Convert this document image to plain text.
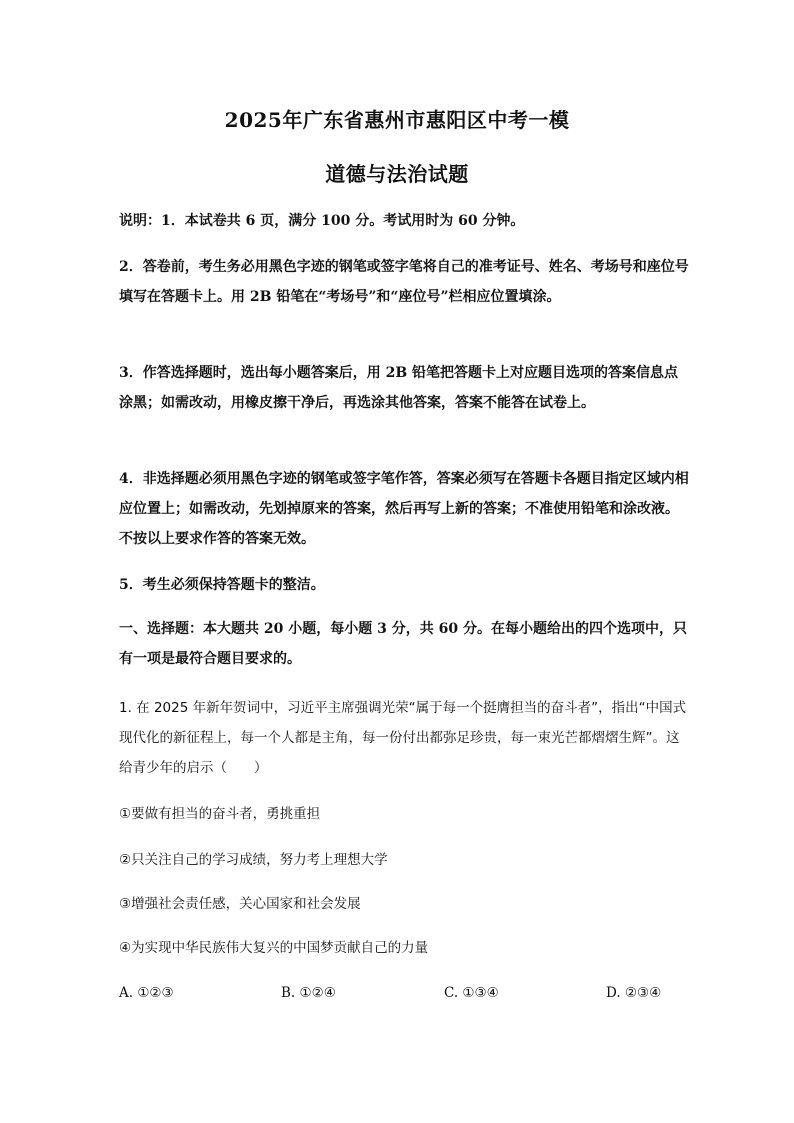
2025年广东省惠州市惠阳区中考一模
道德与法治试题
说明：1．本试卷共 6 页，满分 100 分。考试用时为 60 分钟。
2．答卷前，考生务必用黑色字迹的钢笔或签字笔将自己的准考证号、姓名、考场号和座位号填写在答题卡上。用 2B 铅笔在“考场号”和“座位号”栏相应位置填涂。
3．作答选择题时，选出每小题答案后，用 2B 铅笔把答题卡上对应题目选项的答案信息点涂黑；如需改动，用橡皮擦干净后，再选涂其他答案，答案不能答在试卷上。
4．非选择题必须用黑色字迹的钢笔或签字笔作答，答案必须写在答题卡各题目指定区域内相应位置上；如需改动，先划掉原来的答案，然后再写上新的答案；不准使用铅笔和涂改液。不按以上要求作答的答案无效。
5．考生必须保持答题卡的整洁。
一、选择题：本大题共 20 小题，每小题 3 分，共 60 分。在每小题给出的四个选项中，只有一项是最符合题目要求的。
1. 在 2025 年新年贺词中，习近平主席强调光荣“属于每一个挺膺担当的奋斗者”，指出“中国式现代化的新征程上，每一个人都是主角，每一份付出都弥足珍贵，每一束光芒都熠熠生辉”。这给青少年的启示（　　）
①要做有担当的奋斗者，勇挑重担
②只关注自己的学习成绩，努力考上理想大学
③增强社会责任感，关心国家和社会发展
④为实现中华民族伟大复兴的中国梦贡献自己的力量
A. ①②③	B. ①②④	C. ①③④	D. ②③④
